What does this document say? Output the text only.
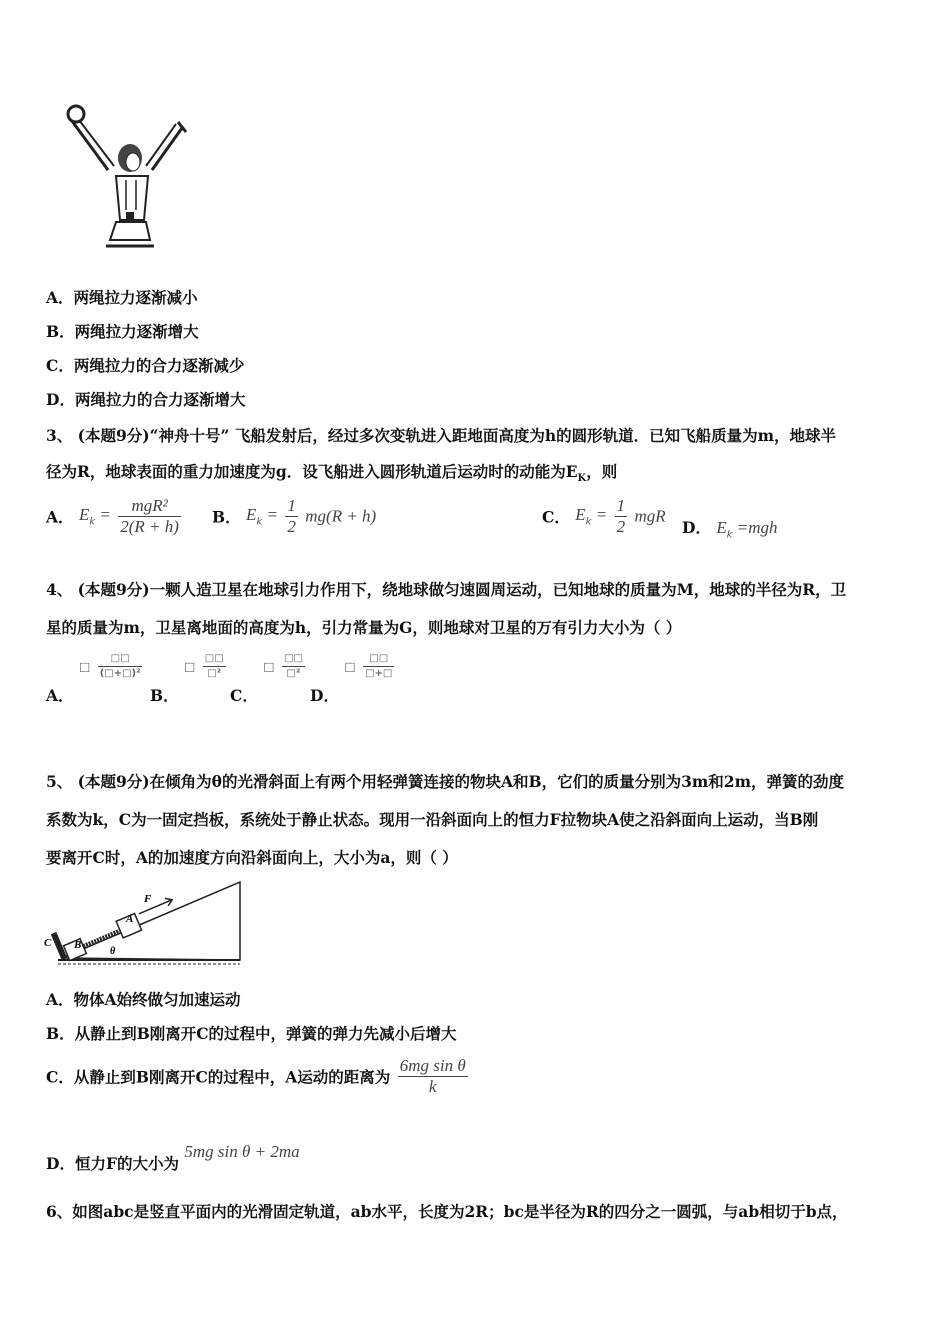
A．两绳拉力逐渐减小
B．两绳拉力逐渐增大
C．两绳拉力的合力逐渐减少
D．两绳拉力的合力逐渐增大
3、 (本题9分)“神舟十号” 飞船发射后，经过多次变轨进入距地面高度为h的圆形轨道．已知飞船质量为m，地球半
径为R，地球表面的重力加速度为g．设飞船进入圆形轨道后运动时的动能为$E_K$，则
A． $E_k = \frac{\text{mgR²}}{2(R + h)}$ B． $E_k = \frac{1}{2} mg(R + h)$	C． $E_k = \frac{1}{2}$ mgR
D． $E_k =mgh$
4、 (本题9分)一颗人造卫星在地球引力作用下，绕地球做匀速圆周运动，已知地球的质量为M，地球的半径为R，卫
星的质量为m，卫星离地面的高度为h，引力常量为G，则地球对卫星的万有引力大小为（ ）
A． □ $\frac{□□}{\text{(□+□)²}}$
B． □ $\frac{□□}{\text{□²}}$
C． □ $\frac{□□}{\text{□²}}$
D． □ $\frac{□□}{□+□}$
5、 (本题9分)在倾角为θ的光滑斜面上有两个用轻弹簧连接的物块A和B，它们的质量分别为3m和2m，弹簧的劲度
系数为k，C为一固定挡板，系统处于静止状态。现用一沿斜面向上的恒力F拉物块A使之沿斜面向上运动，当B刚
要离开C时，A的加速度方向沿斜面向上，大小为a，则（ ）
C B
A
F
θ
A．物体A始终做匀加速运动
B．从静止到B刚离开C的过程中，弹簧的弹力先减小后增大
C．从静止到B刚离开C的过程中，A运动的距离为 $\frac{\text{6mg sin θ}}{k}$
D．恒力F的大小为 5mg sin θ + 2ma
6、如图abc是竖直平面内的光滑固定轨道，ab水平，长度为2R；bc是半径为R的四分之一圆弧，与ab相切于b点，
